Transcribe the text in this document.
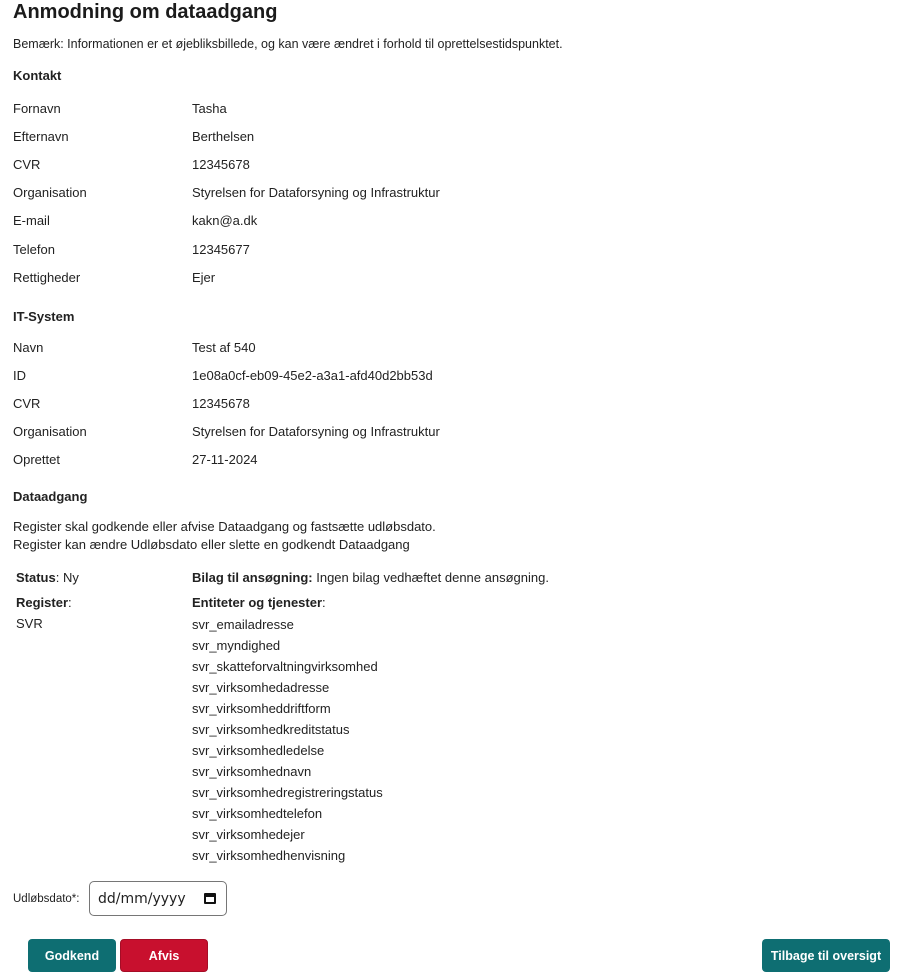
Anmodning om dataadgang
Bemærk: Informationen er et øjebliksbillede, og kan være ændret i forhold til oprettelsestidspunktet.
Kontakt
Fornavn	Tasha
Efternavn	Berthelsen
CVR	12345678
Organisation	Styrelsen for Dataforsyning og Infrastruktur
E-mail	kakn@a.dk
Telefon	12345677
Rettigheder	Ejer
IT-System
Navn	Test af 540
ID	1e08a0cf-eb09-45e2-a3a1-afd40d2bb53d
CVR	12345678
Organisation	Styrelsen for Dataforsyning og Infrastruktur
Oprettet	27-11-2024
Dataadgang
Register skal godkende eller afvise Dataadgang og fastsætte udløbsdato.
Register kan ændre Udløbsdato eller slette en godkendt Dataadgang
Status: Ny	Bilag til ansøgning: Ingen bilag vedhæftet denne ansøgning.
Register:	Entiteter og tjenester:
SVR	svr_emailadresse
svr_myndighed
svr_skatteforvaltningvirksomhed
svr_virksomhedadresse
svr_virksomheddriftform
svr_virksomhedkreditstatus
svr_virksomhedledelse
svr_virksomhednavn
svr_virksomhedregistreringstatus
svr_virksomhedtelefon
svr_virksomhedejer
svr_virksomhedhenvisning
Udløbsdato*: dd/mm/yyyy
Godkend	Afvis	Tilbage til oversigt
